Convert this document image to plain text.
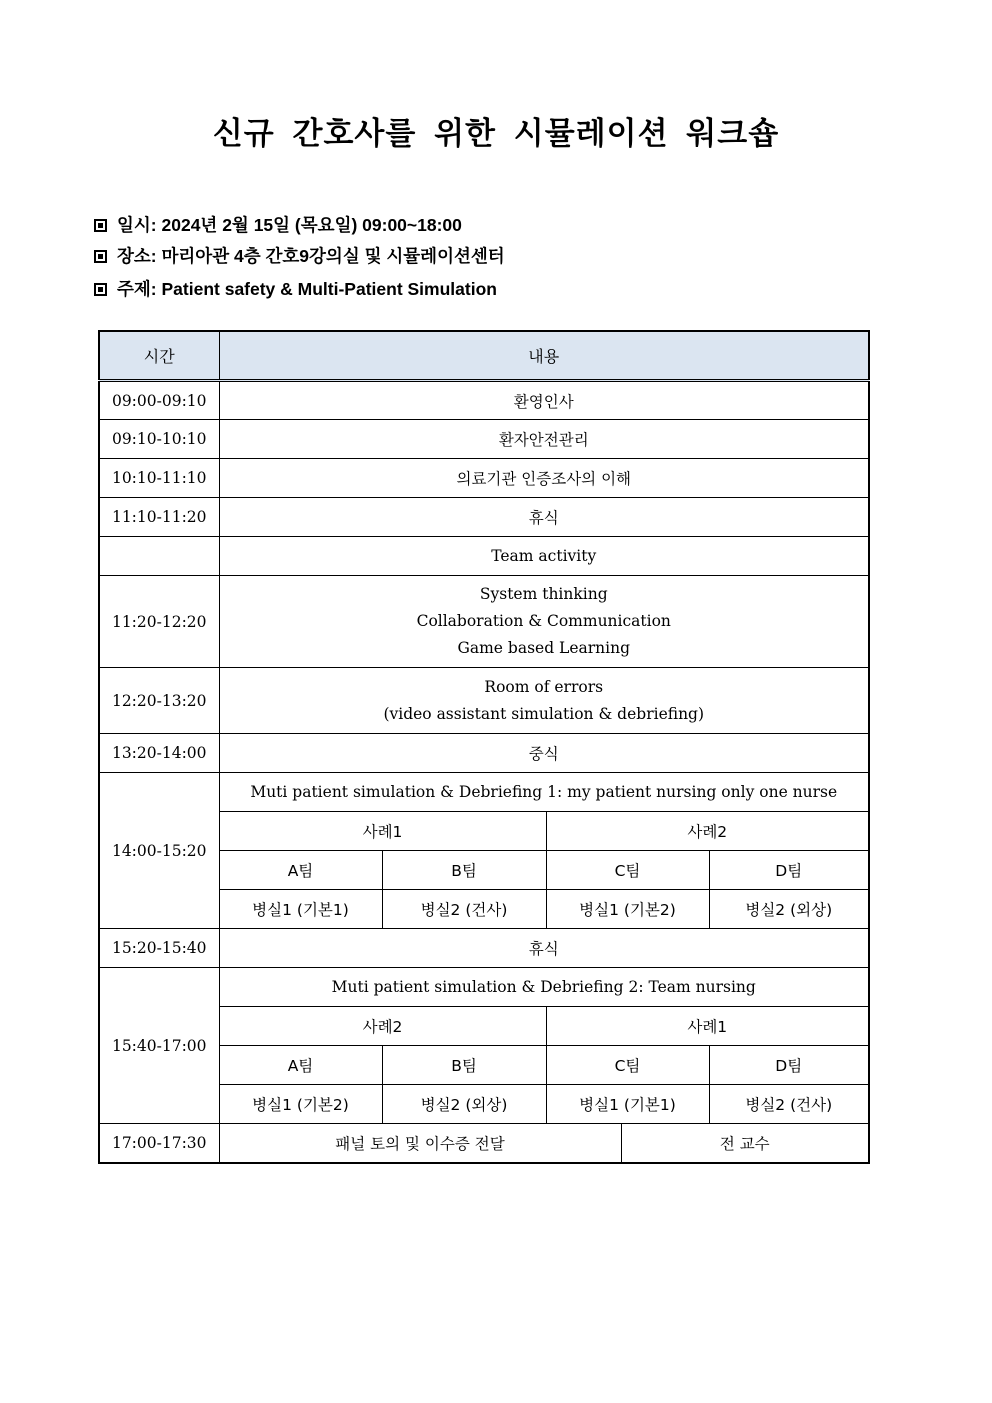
신규 간호사를 위한 시뮬레이션 워크숍
일시: 2024년 2월 15일 (목요일) 09:00~18:00
장소: 마리아관 4층 간호9강의실 및 시뮬레이션센터
주제: Patient safety & Multi-Patient Simulation
시간	내용				
09:00-09:10	환영인사				
09:10-10:10	환자안전관리				
10:10-11:10	의료기관 인증조사의 이해				
11:10-11:20	휴식				
	Team activity				
11:20-12:20	System thinking
Collaboration & Communication
Game based Learning				

12:20-13:20	Room of errors
(video assistant simulation & debriefing)				

13:20-14:00	중식				
14:00-15:20	Muti patient simulation & Debriefing 1: my patient nursing only one nurse				
	사례1		사례2		
	A팀	B팀	C팀		D팀
	병실1 (기본1)	병실2 (건사)	병실1 (기본2)		병실2 (외상)
15:20-15:40	휴식				
15:40-17:00	Muti patient simulation & Debriefing 2: Team nursing				
	사례2		사례1		
	A팀	B팀	C팀		D팀
	병실1 (기본2)	병실2 (외상)	병실1 (기본1)		병실2 (건사)
17:00-17:30	패널 토의 및 이수증 전달			전 교수	
